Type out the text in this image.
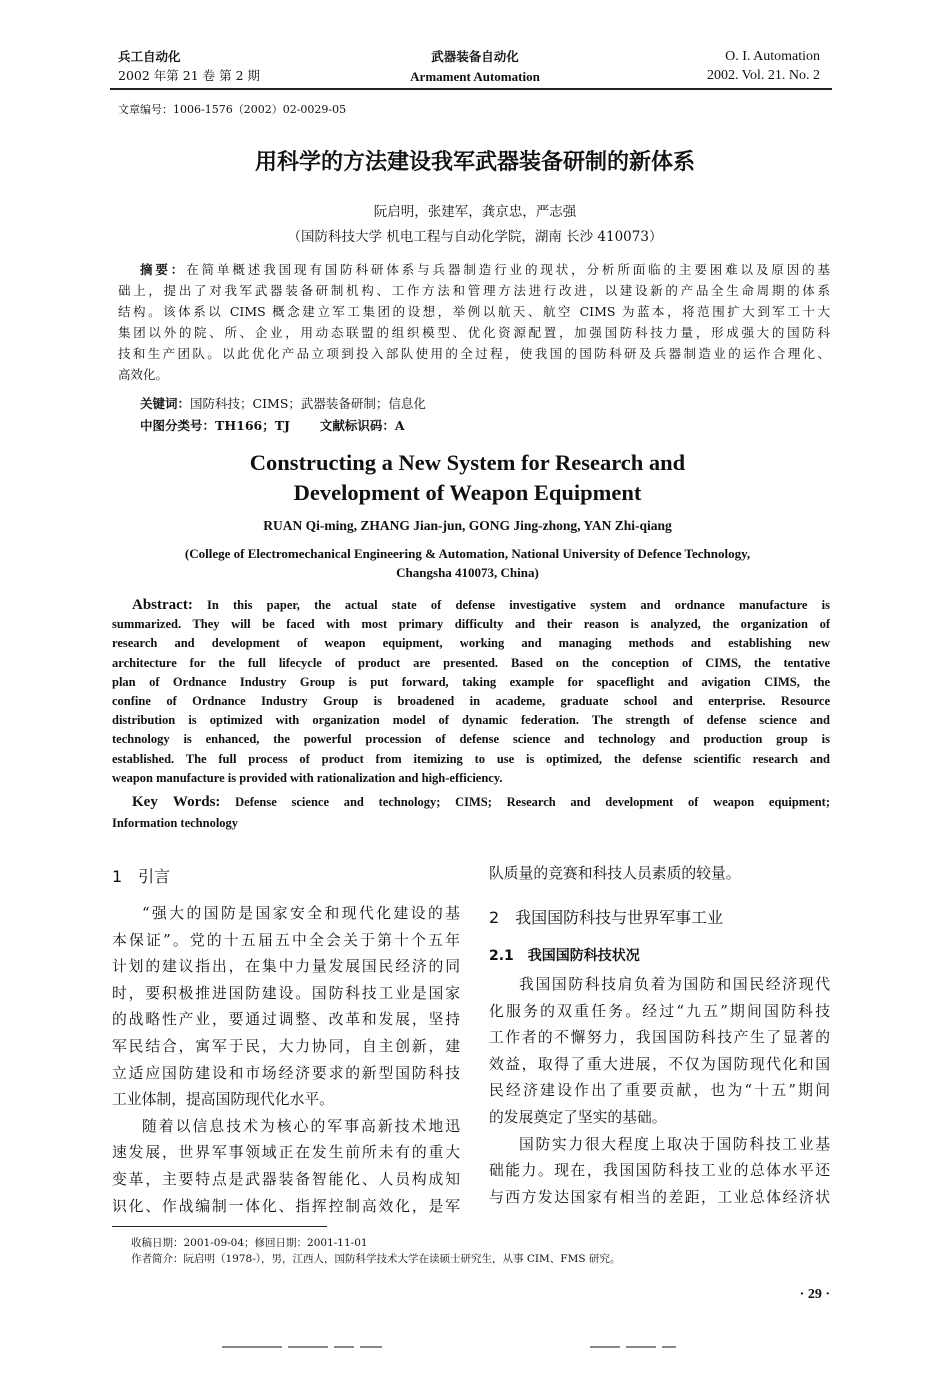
兵工自动化
2002 年第 21 卷 第 2 期
武器装备自动化
Armament Automation
O. I. Automation
2002. Vol. 21. No. 2
文章编号：1006-1576（2002）02-0029-05
用科学的方法建设我军武器装备研制的新体系
阮启明，张建军，龚京忠，严志强
（国防科技大学 机电工程与自动化学院，湖南 长沙 410073）
摘要：在简单概述我国现有国防科研体系与兵器制造行业的现状，分析所面临的主要困难以及原因的基
础上，提出了对我军武器装备研制机构、工作方法和管理方法进行改进，以建设新的产品全生命周期的体系
结构。该体系以 CIMS 概念建立军工集团的设想，举例以航天、航空 CIMS 为蓝本，将范围扩大到军工十大
集团以外的院、所、企业，用动态联盟的组织模型、优化资源配置，加强国防科技力量，形成强大的国防科
技和生产团队。以此优化产品立项到投入部队使用的全过程，使我国的国防科研及兵器制造业的运作合理化、
高效化。
关键词：国防科技；CIMS；武器装备研制；信息化
中图分类号：TH166；TJ 文献标识码：A
Constructing a New System for Research and
Development of Weapon Equipment
RUAN Qi-ming, ZHANG Jian-jun, GONG Jing-zhong, YAN Zhi-qiang
(College of Electromechanical Engineering & Automation, National University of Defence Technology,
Changsha 410073, China)
Abstract: In this paper, the actual state of defense investigative system and ordnance manufacture is
summarized. They will be faced with most primary difficulty and their reason is analyzed, the organization of
research and development of weapon equipment, working and managing methods and establishing new
architecture for the full lifecycle of product are presented. Based on the conception of CIMS, the tentative
plan of Ordnance Industry Group is put forward, taking example for spaceflight and avigation CIMS, the
confine of Ordnance Industry Group is broadened in academe, graduate school and enterprise. Resource
distribution is optimized with organization model of dynamic federation. The strength of defense science and
technology is enhanced, the powerful procession of defense science and technology and production group is
established. The full process of product from itemizing to use is optimized, the defense scientific research and
weapon manufacture is provided with rationalization and high-efficiency.
Key Words: Defense science and technology; CIMS; Research and development of weapon equipment;
Information technology
1　引言
“强大的国防是国家安全和现代化建设的基
本保证”。党的十五届五中全会关于第十个五年
计划的建议指出，在集中力量发展国民经济的同
时，要积极推进国防建设。国防科技工业是国家
的战略性产业，要通过调整、改革和发展，坚持
军民结合，寓军于民，大力协同，自主创新，建
立适应国防建设和市场经济要求的新型国防科技
工业体制，提高国防现代化水平。
随着以信息技术为核心的军事高新技术地迅
速发展，世界军事领域正在发生前所未有的重大
变革，主要特点是武器装备智能化、人员构成知
识化、作战编制一体化、指挥控制高效化，是军
队质量的竞赛和科技人员素质的较量。
2　我国国防科技与世界军事工业
2.1　我国国防科技状况
我国国防科技肩负着为国防和国民经济现代
化服务的双重任务。经过“九五”期间国防科技
工作者的不懈努力，我国国防科技产生了显著的
效益，取得了重大进展，不仅为国防现代化和国
民经济建设作出了重要贡献，也为“十五”期间
的发展奠定了坚实的基础。
国防实力很大程度上取决于国防科技工业基
础能力。现在，我国国防科技工业的总体水平还
与西方发达国家有相当的差距，工业总体经济状
收稿日期：2001-09-04；修回日期：2001-11-01
作者简介：阮启明（1978-），男，江西人，国防科学技术大学在读硕士研究生，从事 CIM、FMS 研究。
· 29 ·
